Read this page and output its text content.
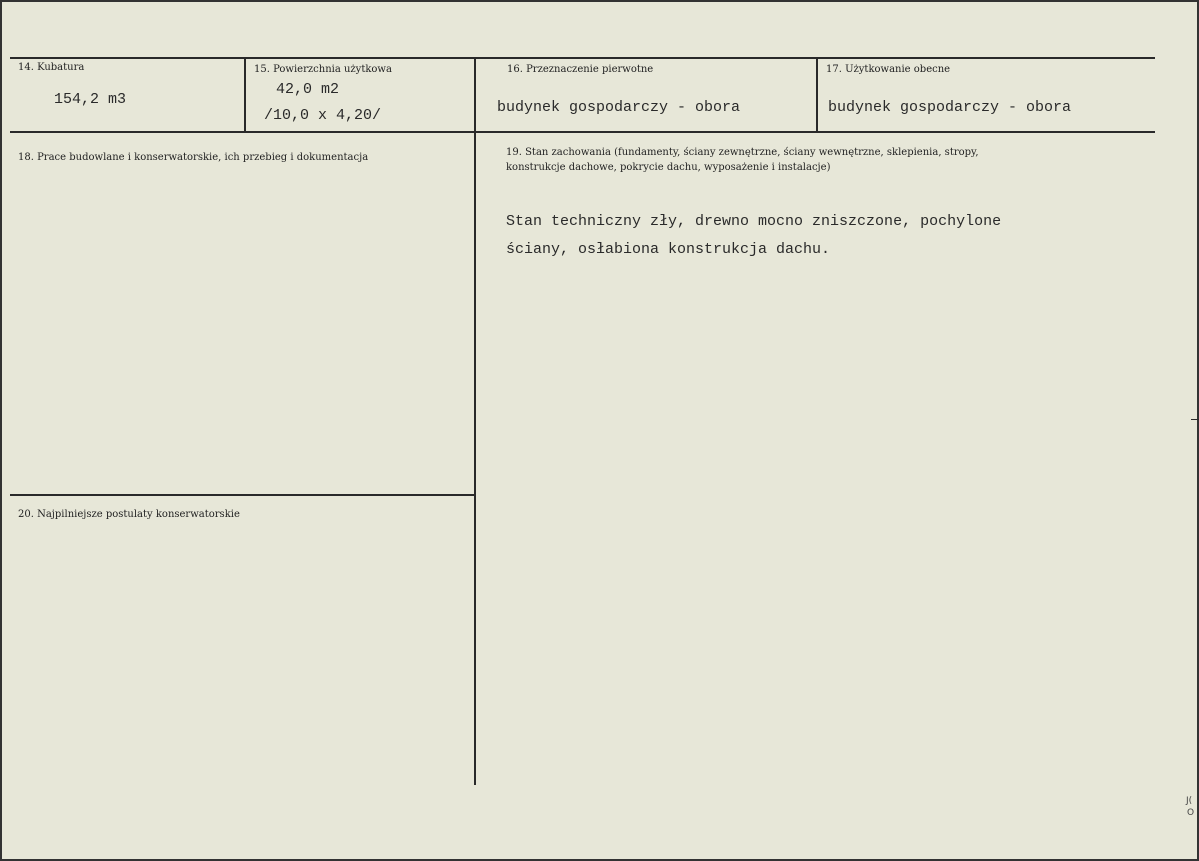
14. Kubatura
154,2 m3
15. Powierzchnia użytkowa
42,0 m2
/10,0 x 4,20/
16. Przeznaczenie pierwotne
budynek gospodarczy - obora
17. Użytkowanie obecne
budynek gospodarczy - obora
18. Prace budowlane i konserwatorskie, ich przebieg i dokumentacja	19. Stan zachowania (fundamenty, ściany zewnętrzne, ściany wewnętrzne, sklepienia, stropy,
konstrukcje dachowe, pokrycie dachu, wyposażenie i instalacje)
Stan techniczny zły, drewno mocno zniszczone, pochylone
ściany, osłabiona konstrukcja dachu.
20. Najpilniejsze postulaty konserwatorskie
J(
O
